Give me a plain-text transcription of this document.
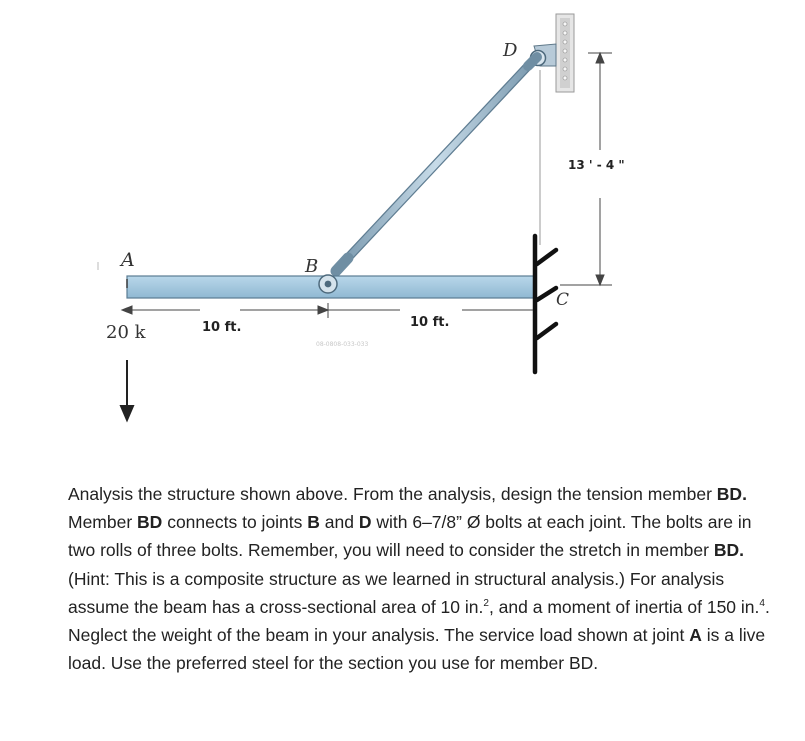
A	B
C
D
20 k	10 ft.	10 ft.
13 ' - 4 "
08-0808-033-033
Analysis the structure shown above. From the analysis, design the tension member BD. Member BD connects to joints B and D with 6–7/8” Ø bolts at each joint. The bolts are in two rolls of three bolts. Remember, you will need to consider the stretch in member BD. (Hint: This is a composite structure as we learned in structural analysis.) For analysis assume the beam has a cross-sectional area of 10 in.$^2$, and a moment of inertia of 150 in.$^4$. Neglect the weight of the beam in your analysis. The service load shown at joint A is a live load. Use the preferred steel for the section you use for member BD.
